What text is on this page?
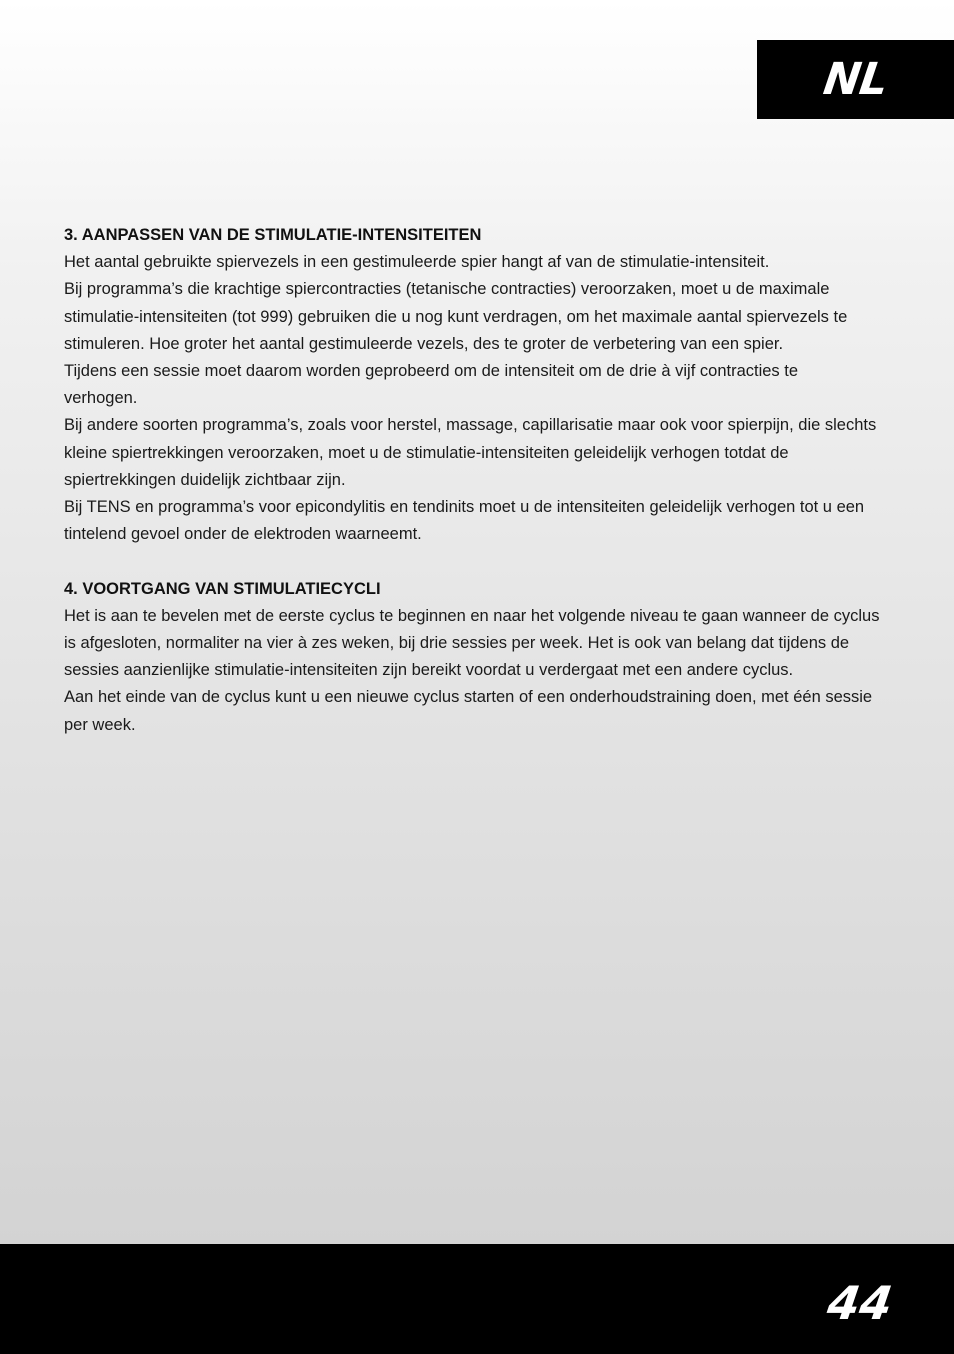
NL
3. AANPASSEN VAN DE STIMULATIE-INTENSITEITEN

Het aantal gebruikte spiervezels in een gestimuleerde spier hangt af van de stimulatie-intensiteit.

Bij programma’s die krachtige spiercontracties (tetanische contracties) veroorzaken, moet u de maximale stimulatie-intensiteiten (tot 999) gebruiken die u nog kunt verdragen, om het maximale aantal spiervezels te stimuleren. Hoe groter het aantal gestimuleerde vezels, des te groter de verbetering van een spier.

Tijdens een sessie moet daarom worden geprobeerd om de intensiteit om de drie à vijf contracties te verhogen.

Bij andere soorten programma’s, zoals voor herstel, massage, capillarisatie maar ook voor spierpijn, die slechts kleine spiertrekkingen veroorzaken, moet u de stimulatie-intensiteiten geleidelijk verhogen totdat de spiertrekkingen duidelijk zichtbaar zijn.

Bij TENS en programma’s voor epicondylitis en tendinits moet u de intensiteiten geleidelijk verhogen tot u een tintelend gevoel onder de elektroden waarneemt.

4. VOORTGANG VAN STIMULATIECYCLI

Het is aan te bevelen met de eerste cyclus te beginnen en naar het volgende niveau te gaan wanneer de cyclus is afgesloten, normaliter na vier à zes weken, bij drie sessies per week. Het is ook van belang dat tijdens de sessies aanzienlijke stimulatie-intensiteiten zijn bereikt voordat u verdergaat met een andere cyclus.

Aan het einde van de cyclus kunt u een nieuwe cyclus starten of een onderhoudstraining doen, met één sessie per week.

44
